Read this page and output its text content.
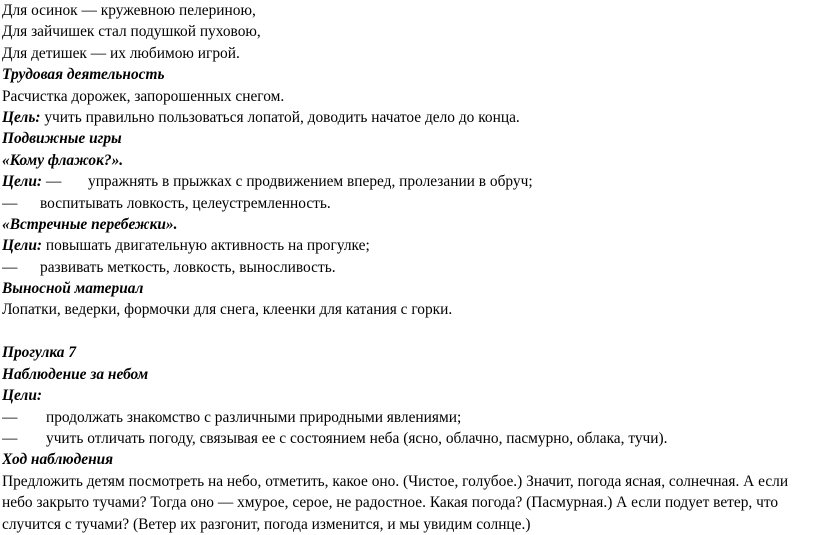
Для осинок — кружевною пелериною,
Для зайчишек стал подушкой пуховою,
Для детишек — их любимою игрой.
Трудовая деятельность
Расчистка дорожек, запорошенных снегом.
Цель: учить правильно пользоваться лопатой, доводить начатое дело до конца.
Подвижные игры
«Кому флажок?».
Цели: — упражнять в прыжках с продвижением вперед, пролезании в обруч;
— воспитывать ловкость, целеустремленность.
«Встречные перебежки».
Цели: повышать двигательную активность на прогулке;
— развивать меткость, ловкость, выносливость.
Выносной материал
Лопатки, ведерки, формочки для снега, клеенки для катания с горки.
Прогулка 7
Наблюдение за небом
Цели:
— продолжать знакомство с различными природными явлениями;
— учить отличать погоду, связывая ее с состоянием неба (ясно, облачно, пасмурно, облака, тучи).
Ход наблюдения
Предложить детям посмотреть на небо, отметить, какое оно. (Чистое, голубое.) Значит, погода ясная, солнечная. А если
небо закрыто тучами? Тогда оно — хмурое, серое, не радостное. Какая погода? (Пасмурная.) А если подует ветер, что
случится с тучами? (Ветер их разгонит, погода изменится, и мы увидим солнце.)
